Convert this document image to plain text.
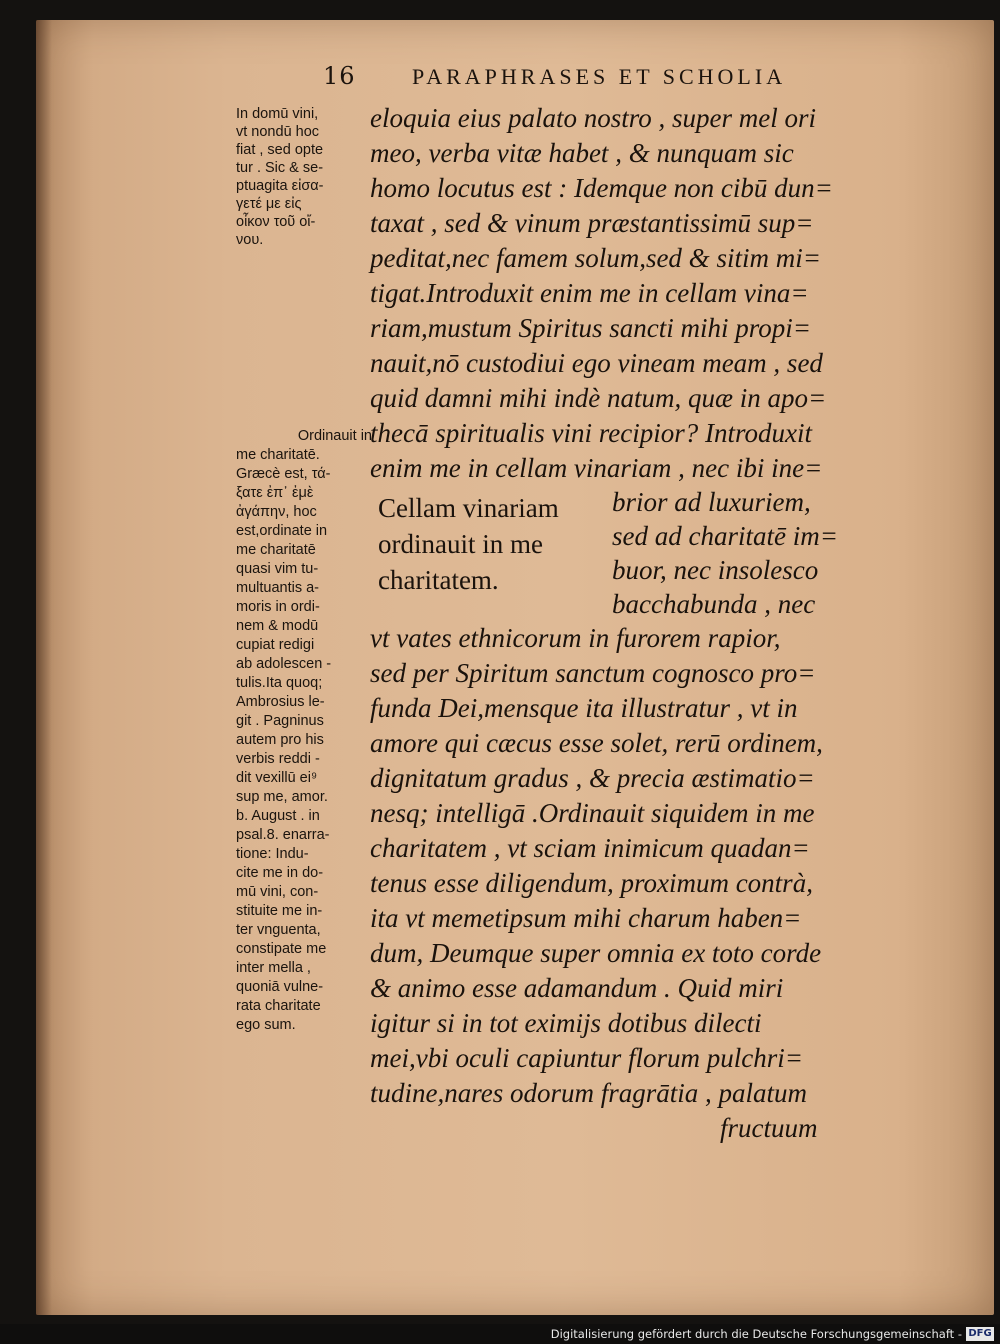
16	PARAPHRASES ET SCHOLIA
eloquia eius palato nostro , super mel ori
meo, verba vitæ habet , & nunquam sic
homo locutus est : Idemque non cibū dun=
taxat , sed & vinum præstantissimū sup=
peditat,nec famem solum,sed & sitim mi=
tigat.Introduxit enim me in cellam vina=
riam,mustum Spiritus sancti mihi propi=
nauit,nō custodiui ego vineam meam , sed
quid damni mihi indè natum, quæ in apo=
thecā spiritualis vini recipior? Introduxit
enim me in cellam vinariam , nec ibi ine=
Cellam vinariam
ordinauit in me
charitatem.
brior ad luxuriem,
sed ad charitatē im=
buor, nec insolesco
bacchabunda , nec
vt vates ethnicorum in furorem rapior,
sed per Spiritum sanctum cognosco pro=
funda Dei,mensque ita illustratur , vt in
amore qui cæcus esse solet, rerū ordinem,
dignitatum gradus , & precia æstimatio=
nesq; intelligā .Ordinauit siquidem in me
charitatem , vt sciam inimicum quadan=
tenus esse diligendum, proximum contrà,
ita vt memetipsum mihi charum haben=
dum, Deumque super omnia ex toto corde
& animo esse adamandum . Quid miri
igitur si in tot eximijs dotibus dilecti
mei,vbi oculi capiuntur florum pulchri=
tudine,nares odorum fragrātia , palatum
fructuum
In domū vini,
vt nondū hoc
fiat , sed opte
tur . Sic & se-
ptuagita εἰσα-
γετέ με εἰς
οἶκον τοῦ οἴ-
νου.
Ordinauit in
me charitatē.
Græcè est, τά-
ξατε ἐπ᾽ ἐμὲ
ἀγάπην, hoc
est,ordinate in
me charitatē
quasi vim tu-
multuantis a-
moris in ordi-
nem & modū
cupiat redigi
ab adolescen -
tulis.Ita quoq;
Ambrosius le-
git . Pagninus
autem pro his
verbis reddi -
dit vexillū ei⁹
sup me, amor.
b. August . in
psal.8. enarra-
tione: Indu-
cite me in do-
mū vini, con-
stituite me in-
ter vnguenta,
constipate me
inter mella ,
quoniā vulne-
rata charitate
ego sum.
Digitalisierung gefördert durch die Deutsche Forschungsgemeinschaft - DFG
